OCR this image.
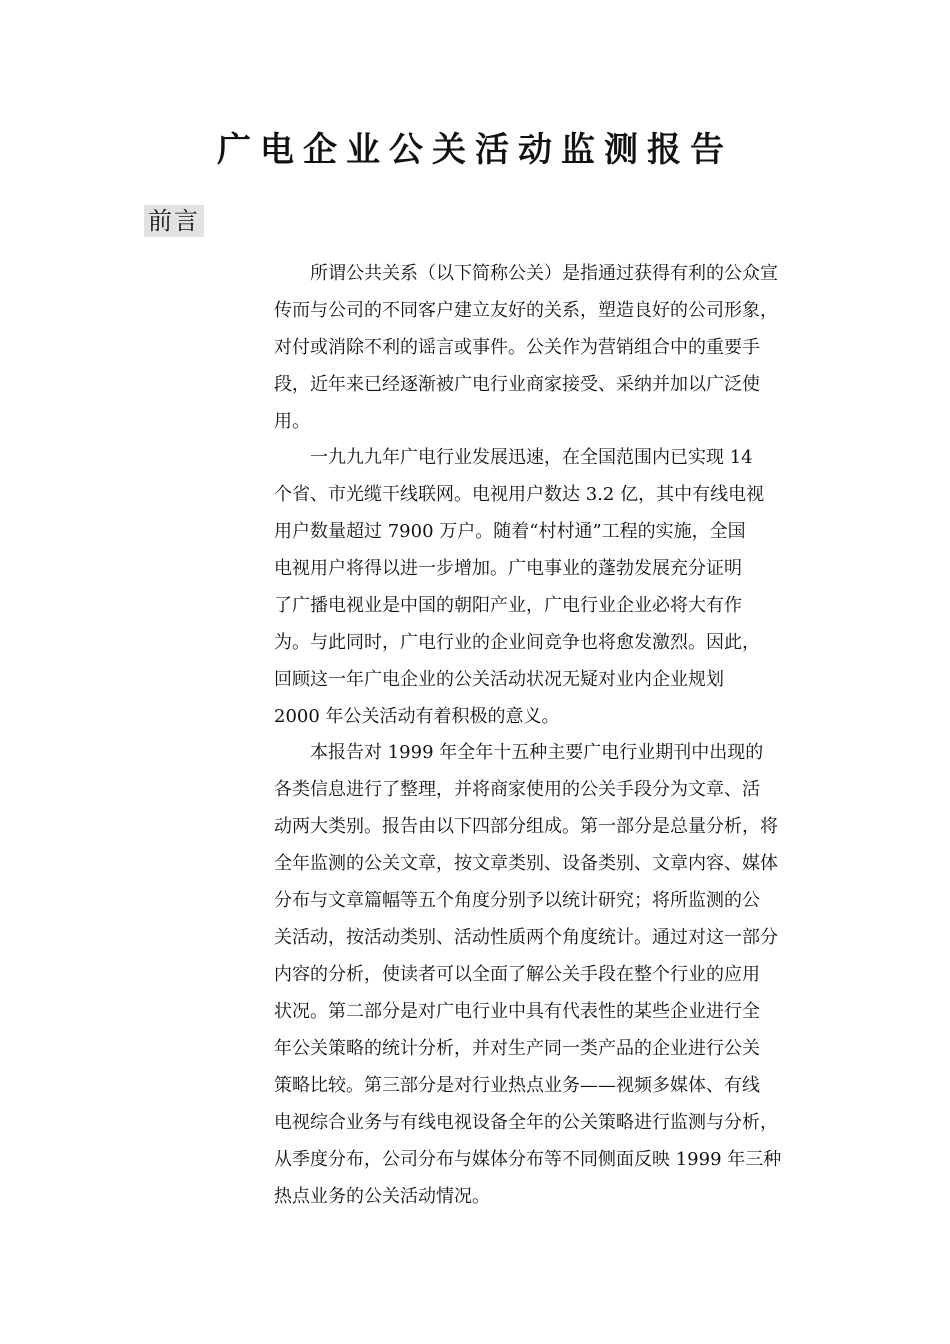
广电企业公关活动监测报告
前言
所谓公共关系（以下简称公关）是指通过获得有利的公众宣
传而与公司的不同客户建立友好的关系，塑造良好的公司形象，
对付或消除不利的谣言或事件。公关作为营销组合中的重要手
段，近年来已经逐渐被广电行业商家接受、采纳并加以广泛使
用。
一九九九年广电行业发展迅速，在全国范围内已实现 14
个省、市光缆干线联网。电视用户数达 3.2 亿，其中有线电视
用户数量超过 7900 万户。随着“村村通”工程的实施，全国
电视用户将得以进一步增加。广电事业的蓬勃发展充分证明
了广播电视业是中国的朝阳产业，广电行业企业必将大有作
为。与此同时，广电行业的企业间竞争也将愈发激烈。因此，
回顾这一年广电企业的公关活动状况无疑对业内企业规划
2000 年公关活动有着积极的意义。
本报告对 1999 年全年十五种主要广电行业期刊中出现的
各类信息进行了整理，并将商家使用的公关手段分为文章、活
动两大类别。报告由以下四部分组成。第一部分是总量分析，将
全年监测的公关文章，按文章类别、设备类别、文章内容、媒体
分布与文章篇幅等五个角度分别予以统计研究；将所监测的公
关活动，按活动类别、活动性质两个角度统计。通过对这一部分
内容的分析，使读者可以全面了解公关手段在整个行业的应用
状况。第二部分是对广电行业中具有代表性的某些企业进行全
年公关策略的统计分析，并对生产同一类产品的企业进行公关
策略比较。第三部分是对行业热点业务——视频多媒体、有线
电视综合业务与有线电视设备全年的公关策略进行监测与分析，
从季度分布，公司分布与媒体分布等不同侧面反映 1999 年三种
热点业务的公关活动情况。
